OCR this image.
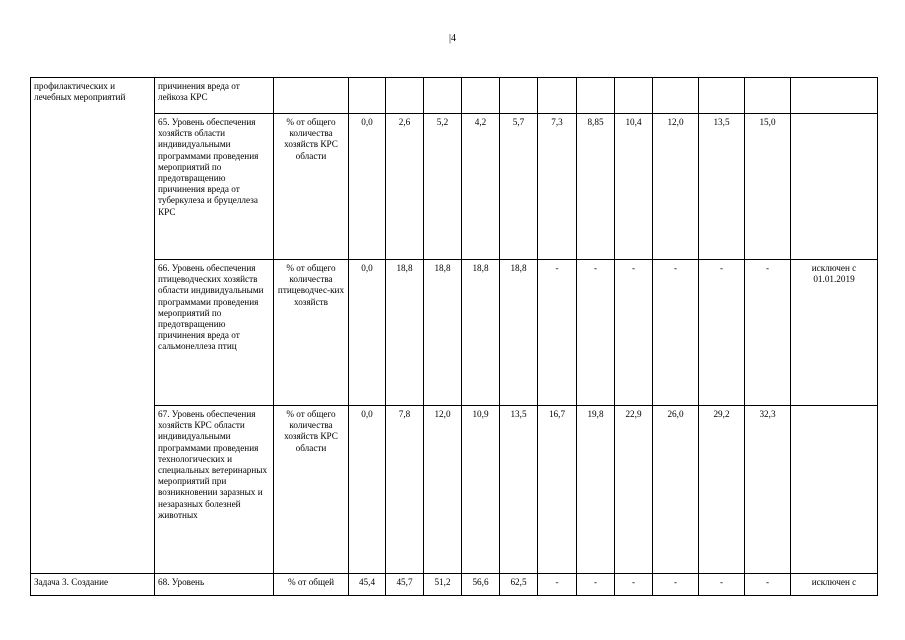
|4
профилактических и лечебных мероприятий	причинения вреда от лейкоза КРС													
	65. Уровень обеспечения хозяйств области индивидуальными программами проведения мероприятий по предотвращению причинения вреда от туберкулеза и бруцеллеза КРС	% от общего количества хозяйств КРС области	0,0	2,6	5,2	4,2	5,7	7,3	8,85	10,4	12,0	13,5	15,0	
	66. Уровень обеспечения птицеводческих хозяйств области индивидуальными программами проведения мероприятий по предотвращению причинения вреда от сальмонеллеза птиц	% от общего количества птицеводчес-ких хозяйств	0,0	18,8	18,8	18,8	18,8	-	-	-	-	-	-	исключен с 01.01.2019
	67. Уровень обеспечения хозяйств КРС области индивидуальными программами проведения технологических и специальных ветеринарных мероприятий при возникновении заразных и незаразных болезней животных	% от общего количества хозяйств КРС области	0,0	7,8	12,0	10,9	13,5	16,7	19,8	22,9	26,0	29,2	32,3	
Задача 3. Создание	68. Уровень	% от общей	45,4	45,7	51,2	56,6	62,5	-	-	-	-	-	-	исключен с
